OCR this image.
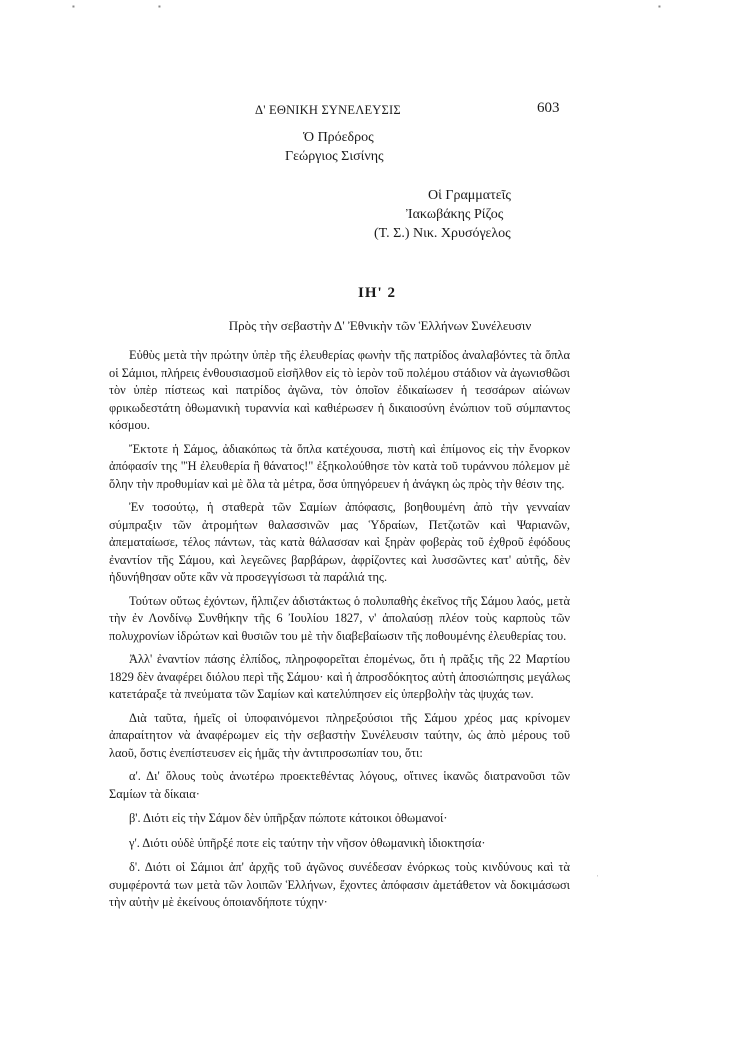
Δ' ΕΘΝΙΚΗ ΣΥΝΕΛΕΥΣΙΣ	603
Ὁ Πρόεδρος
Γεώργιος Σισίνης
Οἱ Γραμματεῖς
Ἰακωβάκης Ρίζος
(Τ. Σ.) Νικ. Χρυσόγελος
ΙΗ' 2
Πρὸς τὴν σεβαστὴν Δ' Ἐθνικὴν τῶν Ἑλλήνων Συνέλευσιν

Εὐθὺς μετὰ τὴν πρώτην ὑπὲρ τῆς ἐλευθερίας φωνὴν τῆς πατρίδος ἀναλαβόντες τὰ ὅπλα οἱ Σάμιοι, πλήρεις ἐνθουσιασμοῦ εἰσῆλθον εἰς τὸ ἱερὸν τοῦ πολέμου στάδιον νὰ ἀγωνισθῶσι τὸν ὑπὲρ πίστεως καὶ πατρίδος ἀγῶνα, τὸν ὁποῖον ἐδικαίωσεν ἡ τεσσάρων αἰώνων φρικωδεστάτη ὀθωμανικὴ τυραννία καὶ καθιέρωσεν ἡ δικαιοσύνη ἐνώπιον τοῦ σύμπαντος κόσμου.

Ἔκτοτε ἡ Σάμος, ἀδιακόπως τὰ ὅπλα κατέχουσα, πιστὴ καὶ ἐπίμονος εἰς τὴν ἔνορκον ἀπόφασίν της "Ἡ ἐλευθερία ἢ θάνατος!" ἐξηκολούθησε τὸν κατὰ τοῦ τυράννου πόλεμον μὲ ὅλην τὴν προθυμίαν καὶ μὲ ὅλα τὰ μέτρα, ὅσα ὑπηγόρευεν ἡ ἀνάγκη ὡς πρὸς τὴν θέσιν της.

Ἐν τοσούτῳ, ἡ σταθερὰ τῶν Σαμίων ἀπόφασις, βοηθουμένη ἀπὸ τὴν γενναίαν σύμπραξιν τῶν ἀτρομήτων θαλασσινῶν μας Ὑδραίων, Πετζωτῶν καὶ Ψαριανῶν, ἀπεματαίωσε, τέλος πάντων, τὰς κατὰ θάλασσαν καὶ ξηρὰν φοβερὰς τοῦ ἐχθροῦ ἐφόδους ἐναντίον τῆς Σάμου, καὶ λεγεῶνες βαρβάρων, ἀφρίζοντες καὶ λυσσῶντες κατ' αὐτῆς, δὲν ἠδυνήθησαν οὔτε κἂν νὰ προσεγγίσωσι τὰ παράλιά της.

Τούτων οὕτως ἐχόντων, ἤλπιζεν ἀδιστάκτως ὁ πολυπαθὴς ἐκεῖνος τῆς Σάμου λαός, μετὰ τὴν ἐν Λονδίνῳ Συνθήκην τῆς 6 Ἰουλίου 1827, ν' ἀπολαύσῃ πλέον τοὺς καρποὺς τῶν πολυχρονίων ἱδρώτων καὶ θυσιῶν του μὲ τὴν διαβεβαίωσιν τῆς ποθουμένης ἐλευθερίας του.

Ἀλλ' ἐναντίον πάσης ἐλπίδος, πληροφορεῖται ἐπομένως, ὅτι ἡ πρᾶξις τῆς 22 Μαρτίου 1829 δὲν ἀναφέρει διόλου περὶ τῆς Σάμου· καὶ ἡ ἀπροσδόκητος αὐτὴ ἀποσιώπησις μεγάλως κατετάραξε τὰ πνεύματα τῶν Σαμίων καὶ κατελύπησεν εἰς ὑπερβολὴν τὰς ψυχάς των.

Διὰ ταῦτα, ἡμεῖς οἱ ὑποφαινόμενοι πληρεξούσιοι τῆς Σάμου χρέος μας κρίνομεν ἀπαραίτητον νὰ ἀναφέρωμεν εἰς τὴν σεβαστὴν Συνέλευσιν ταύτην, ὡς ἀπὸ μέρους τοῦ λαοῦ, ὅστις ἐνεπίστευσεν εἰς ἡμᾶς τὴν ἀντιπροσωπίαν του, ὅτι:

α'. Δι' ὅλους τοὺς ἀνωτέρω προεκτεθέντας λόγους, οἵτινες ἱκανῶς διατρανοῦσι τῶν Σαμίων τὰ δίκαια·

β'. Διότι εἰς τὴν Σάμον δὲν ὑπῆρξαν πώποτε κάτοικοι ὀθωμανοί·

γ'. Διότι οὐδὲ ὑπῆρξέ ποτε εἰς ταύτην τὴν νῆσον ὀθωμανικὴ ἰδιοκτησία·

δ'. Διότι οἱ Σάμιοι ἀπ' ἀρχῆς τοῦ ἀγῶνος συνέδεσαν ἐνόρκως τοὺς κινδύνους καὶ τὰ συμφέροντά των μετὰ τῶν λοιπῶν Ἑλλήνων, ἔχοντες ἀπόφασιν ἀμετάθετον νὰ δοκιμάσωσι τὴν αὐτὴν μὲ ἐκείνους ὁποιανδήποτε τύχην·

▪	▪	▪
ˈ
